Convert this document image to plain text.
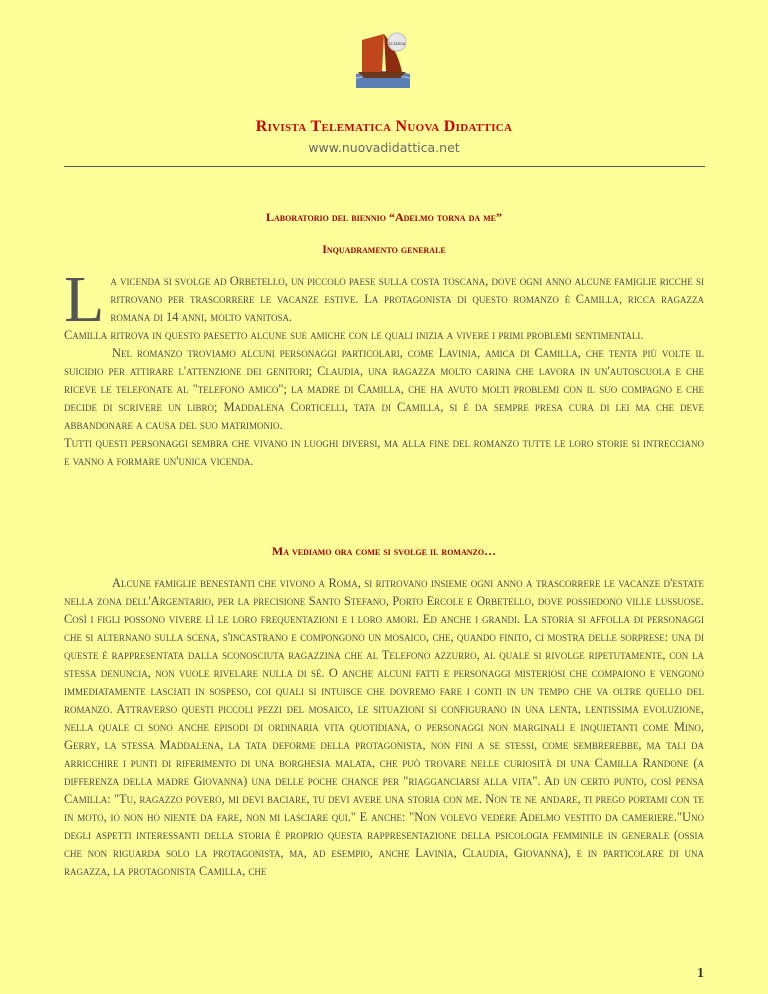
la latina
Rivista Telematica Nuova Didattica
www.nuovadidattica.net
Laboratorio del biennio “Adelmo torna da me”
Inquadramento generale

La vicenda si svolge ad Orbetello, un piccolo paese sulla costa toscana, dove ogni anno alcune famiglie ricche si ritrovano per trascorrere le vacanze estive. La protagonista di questo romanzo è Camilla, ricca ragazza romana di 14 anni, molto vanitosa.

Camilla ritrova in questo paesetto alcune sue amiche con le quali inizia a vivere i primi problemi sentimentali.

Nel romanzo troviamo alcuni personaggi particolari, come Lavinia, amica di Camilla, che tenta più volte il suicidio per attirare l'attenzione dei genitori; Claudia, una ragazza molto carina che lavora in un'autoscuola e che riceve le telefonate al "telefono amico"; la madre di Camilla, che ha avuto molti problemi con il suo compagno e che decide di scrivere un libro; Maddalena Corticelli, tata di Camilla, si è da sempre presa cura di lei ma che deve abbandonare a causa del suo matrimonio.

Tutti questi personaggi sembra che vivano in luoghi diversi, ma alla fine del romanzo tutte le loro storie si intrecciano e vanno a formare un'unica vicenda.

Ma vediamo ora come si svolge il romanzo…

Alcune famiglie benestanti che vivono a Roma, si ritrovano insieme ogni anno a trascorrere le vacanze d'estate nella zona dell'Argentario, per la precisione Santo Stefano, Porto Ercole e Orbetello, dove possiedono ville lussuose. Così i figli possono vivere lì le loro frequentazioni e i loro amori. Ed anche i grandi. La storia si affolla di personaggi che si alternano sulla scena, s'incastrano e compongono un mosaico, che, quando finito, ci mostra delle sorprese: una di queste è rappresentata dalla sconosciuta ragazzina che al Telefono azzurro, al quale si rivolge ripetutamente, con la stessa denuncia, non vuole rivelare nulla di sé. O anche alcuni fatti e personaggi misteriosi che compaiono e vengono immediatamente lasciati in sospeso, coi quali si intuisce che dovremo fare i conti in un tempo che va oltre quello del romanzo. Attraverso questi piccoli pezzi del mosaico, le situazioni si configurano in una lenta, lentissima evoluzione, nella quale ci sono anche episodi di ordinaria vita quotidiana, o personaggi non marginali e inquietanti come Mino, Gerry, la stessa Maddalena, la tata deforme della protagonista, non fini a se stessi, come sembrerebbe, ma tali da arricchire i punti di riferimento di una borghesia malata, che può trovare nelle curiosità di una Camilla Randone (a differenza della madre Giovanna) una delle poche chance per "riagganciarsi alla vita". Ad un certo punto, così pensa Camilla: "Tu, ragazzo povero, mi devi baciare, tu devi avere una storia con me. Non te ne andare, ti prego portami con te in moto, io non ho niente da fare, non mi lasciare qui." E anche: "Non volevo vedere Adelmo vestito da cameriere."Uno degli aspetti interessanti della storia è proprio questa rappresentazione della psicologia femminile in generale (ossia che non riguarda solo la protagonista, ma, ad esempio, anche Lavinia, Claudia, Giovanna), e in particolare di una ragazza, la protagonista Camilla, che

1
